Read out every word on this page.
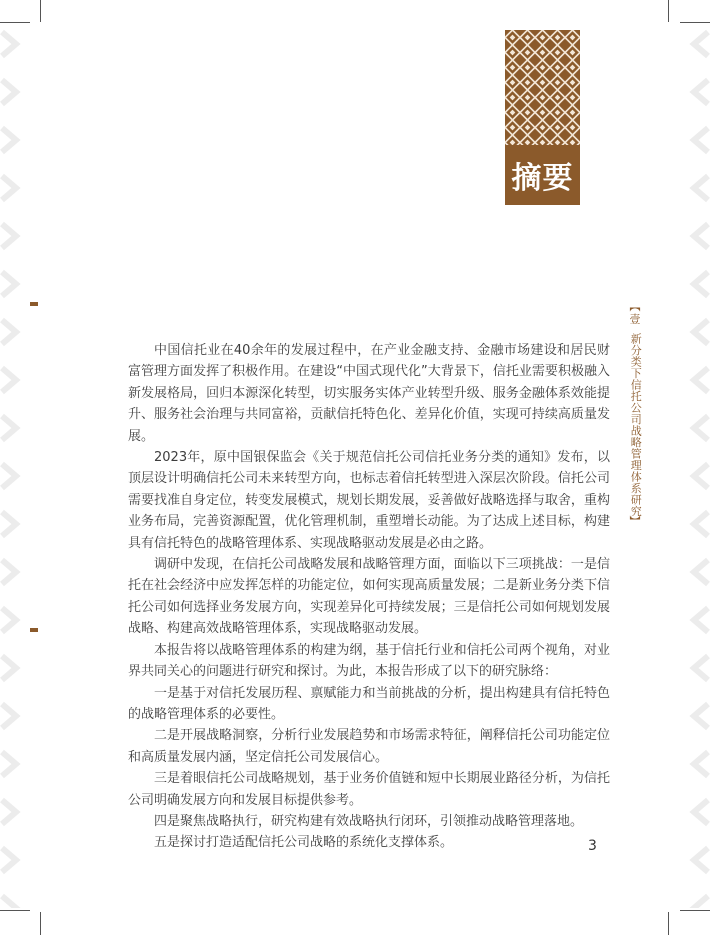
摘要
︻
壹
新分类下信托公司战略管理体系研究
︼

中国信托业在40余年的发展过程中，在产业金融支持、金融市场建设和居民财富管理方面发挥了积极作用。在建设“中国式现代化”大背景下，信托业需要积极融入新发展格局，回归本源深化转型，切实服务实体产业转型升级、服务金融体系效能提升、服务社会治理与共同富裕，贡献信托特色化、差异化价值，实现可持续高质量发展。

2023年，原中国银保监会《关于规范信托公司信托业务分类的通知》发布，以顶层设计明确信托公司未来转型方向，也标志着信托转型进入深层次阶段。信托公司需要找准自身定位，转变发展模式，规划长期发展，妥善做好战略选择与取舍，重构业务布局，完善资源配置，优化管理机制，重塑增长动能。为了达成上述目标，构建具有信托特色的战略管理体系、实现战略驱动发展是必由之路。

调研中发现，在信托公司战略发展和战略管理方面，面临以下三项挑战：一是信托在社会经济中应发挥怎样的功能定位，如何实现高质量发展；二是新业务分类下信托公司如何选择业务发展方向，实现差异化可持续发展；三是信托公司如何规划发展战略、构建高效战略管理体系，实现战略驱动发展。

本报告将以战略管理体系的构建为纲，基于信托行业和信托公司两个视角，对业界共同关心的问题进行研究和探讨。为此，本报告形成了以下的研究脉络：

一是基于对信托发展历程、禀赋能力和当前挑战的分析，提出构建具有信托特色的战略管理体系的必要性。

二是开展战略洞察，分析行业发展趋势和市场需求特征，阐释信托公司功能定位和高质量发展内涵，坚定信托公司发展信心。

三是着眼信托公司战略规划，基于业务价值链和短中长期展业路径分析，为信托公司明确发展方向和发展目标提供参考。

四是聚焦战略执行，研究构建有效战略执行闭环，引领推动战略管理落地。

五是探讨打造适配信托公司战略的系统化支撑体系。	3
